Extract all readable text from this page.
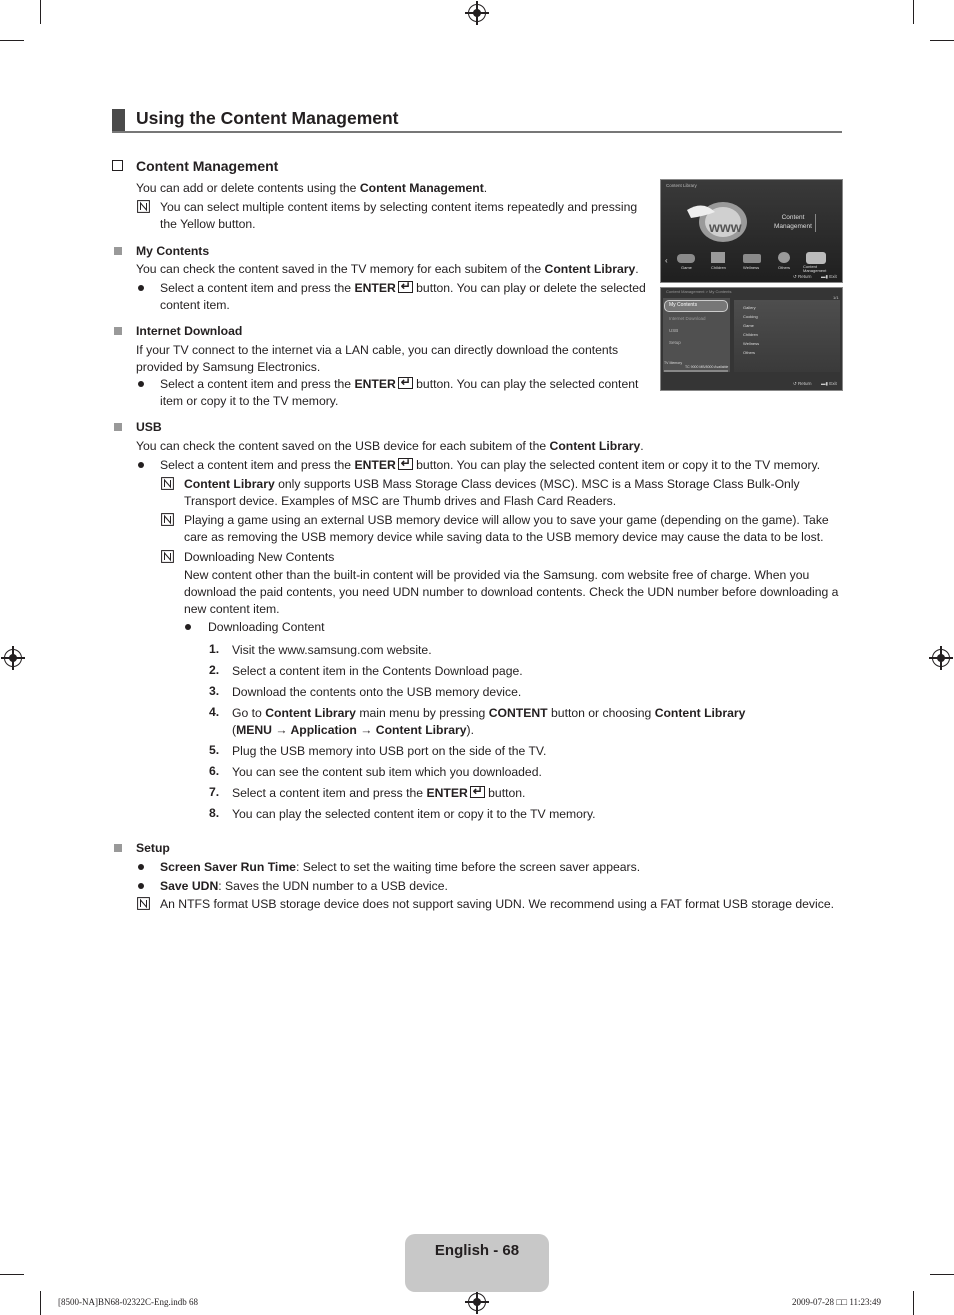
Using the Content Management
Content Management
You can add or delete contents using the Content Management.
You can select multiple content items by selecting content items repeatedly and pressing the Yellow button.
My Contents
You can check the content saved in the TV memory for each subitem of the Content Library.
Select a content item and press the ENTER↵ button. You can play or delete the selected content item.
Internet Download
If your TV connect to the internet via a LAN cable, you can directly download the contents provided by Samsung Electronics.
Select a content item and press the ENTER↵ button. You can play the selected content item or copy it to the TV memory.
USB
You can check the content saved on the USB device for each subitem of the Content Library.
Select a content item and press the ENTER↵ button. You can play the selected content item or copy it to the TV memory.
Content Library only supports USB Mass Storage Class devices (MSC). MSC is a Mass Storage Class Bulk-Only Transport device. Examples of MSC are Thumb drives and Flash Card Readers.
Playing a game using an external USB memory device will allow you to save your game (depending on the game). Take care as removing the USB memory device while saving data to the USB memory device may cause the data to be lost.
Downloading New Contents
New content other than the built-in content will be provided via the Samsung. com website free of charge. When you download the paid contents, you need UDN number to download contents. Check the UDN number before downloading a new content item.
Downloading Content
1. Visit the www.samsung.com website.
2. Select a content item in the Contents Download page.
3. Download the contents onto the USB memory device.
4. Go to Content Library main menu by pressing CONTENT button or choosing Content Library
(MENU → Application → Content Library).
5. Plug the USB memory into USB port on the side of the TV.
6. You can see the content sub item which you downloaded.
7. Select a content item and press the ENTER↵ button.
8. You can play the selected content item or copy it to the TV memory.
Setup
Screen Saver Run Time: Select to set the waiting time before the screen saver appears.
Save UDN: Saves the UDN number to a USB device.
An NTFS format USB storage device does not support saving UDN. We recommend using a FAT format USB storage device.
Content Library
www
Content Management
‹
Game	Children	Wellness	Others	Content Management
↺ Return ▬▮ Exit
Content Management > My Contents
1/1
My Contents
Internet Download
USB
Setup
TV Memory
TC 9000 MB/8000 Available
Gallery
Cooking
Game
Children
Wellness
Others
↺ Return ▬▮ Exit
English - 68
[8500-NA]BN68-02322C-Eng.indb 68	2009-07-28 □□ 11:23:49
